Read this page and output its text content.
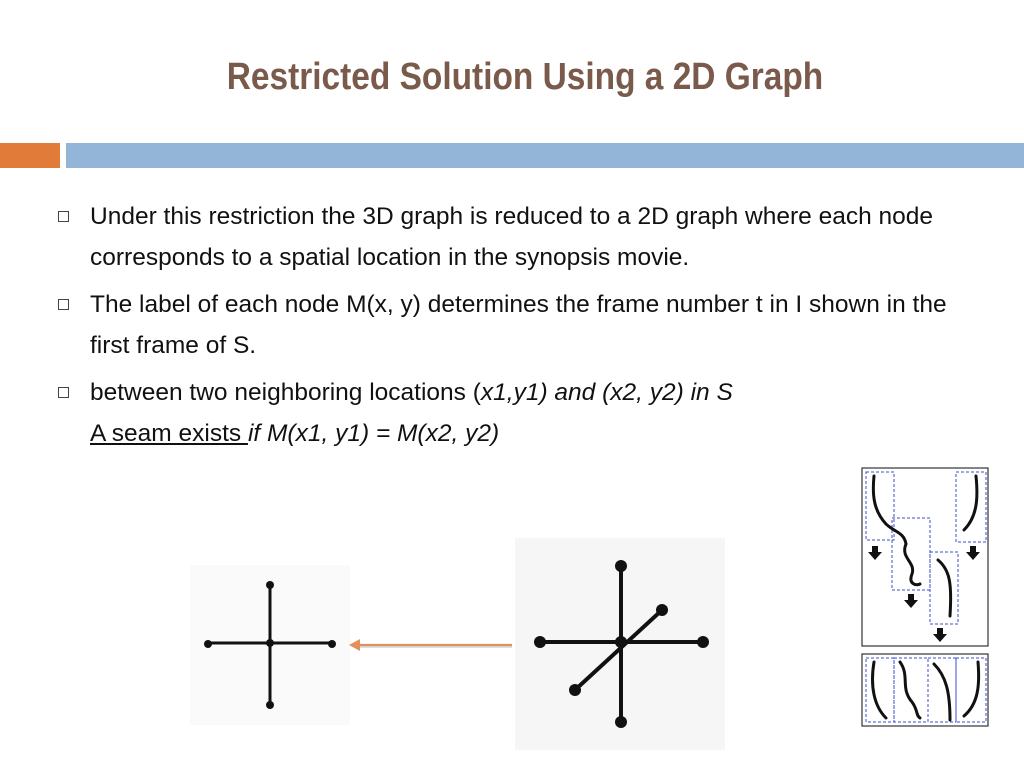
Restricted Solution Using a 2D Graph
Under this restriction the 3D graph is reduced to a 2D graph where each node corresponds to a spatial location in the synopsis movie.
The label of each node M(x, y) determines the frame number t in I shown in the first frame of S.
between two neighboring locations (x1,y1) and (x2, y2) in S
A seam exists if M(x1, y1) = M(x2, y2)
